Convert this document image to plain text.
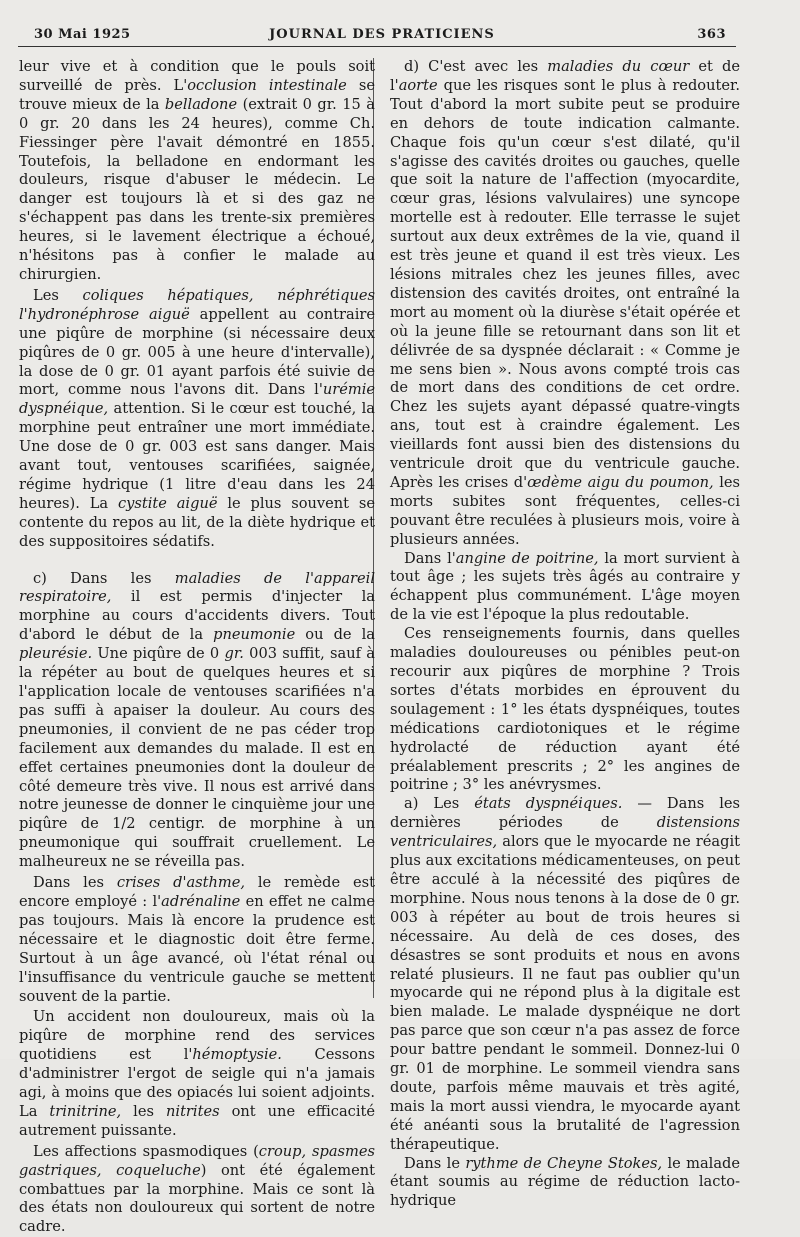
30 Mai 1925	JOURNAL DES PRATICIENS	363

leur vive et à condition que le pouls soit surveillé de près. L'occlusion intestinale se trouve mieux de la belladone (extrait 0 gr. 15 à 0 gr. 20 dans les 24 heures), comme Ch. Fiessinger père l'avait démontré en 1855. Toutefois, la belladone en endormant les douleurs, risque d'abuser le médecin. Le danger est toujours là et si des gaz ne s'échappent pas dans les trente-six premières heures, si le lavement électrique a échoué, n'hésitons pas à confier le malade au chirurgien.

Les coliques hépatiques, néphrétiques l'hydronéphrose aiguë appellent au contraire une piqûre de morphine (si nécessaire deux piqûres de 0 gr. 005 à une heure d'intervalle), la dose de 0 gr. 01 ayant parfois été suivie de mort, comme nous l'avons dit. Dans l'urémie dyspnéique, attention. Si le cœur est touché, la morphine peut entraîner une mort immédiate. Une dose de 0 gr. 003 est sans danger. Mais avant tout, ventouses scarifiées, saignée, régime hydrique (1 litre d'eau dans les 24 heures). La cystite aiguë le plus souvent se contente du repos au lit, de la diète hydrique et des suppositoires sédatifs.

c) Dans les maladies de l'appareil respiratoire, il est permis d'injecter la morphine au cours d'accidents divers. Tout d'abord le début de la pneumonie ou de la pleurésie. Une piqûre de 0 gr. 003 suffit, sauf à la répéter au bout de quelques heures et si l'application locale de ventouses scarifiées n'a pas suffi à apaiser la douleur. Au cours des pneumonies, il convient de ne pas céder trop facilement aux demandes du malade. Il est en effet certaines pneumonies dont la douleur de côté demeure très vive. Il nous est arrivé dans notre jeunesse de donner le cinquième jour une piqûre de 1/2 centigr. de morphine à un pneumonique qui souffrait cruellement. Le malheureux ne se réveilla pas.

Dans les crises d'asthme, le remède est encore employé : l'adrénaline en effet ne calme pas toujours. Mais là encore la prudence est nécessaire et le diagnostic doit être ferme. Surtout à un âge avancé, où l'état rénal ou l'insuffisance du ventricule gauche se mettent souvent de la partie.

Un accident non douloureux, mais où la piqûre de morphine rend des services quotidiens est l'hémoptysie. Cessons d'administrer l'ergot de seigle qui n'a jamais agi, à moins que des opiacés lui soient adjoints. La trinitrine, les nitrites ont une efficacité autrement puissante.

Les affections spasmodiques (croup, spasmes gastriques, coqueluche) ont été également combattues par la morphine. Mais ce sont là des états non douloureux qui sortent de notre cadre.

d) C'est avec les maladies du cœur et de l'aorte que les risques sont le plus à redouter. Tout d'abord la mort subite peut se produire en dehors de toute indication calmante. Chaque fois qu'un cœur s'est dilaté, qu'il s'agisse des cavités droites ou gauches, quelle que soit la nature de l'affection (myocardite, cœur gras, lésions valvulaires) une syncope mortelle est à redouter. Elle terrasse le sujet surtout aux deux extrêmes de la vie, quand il est très jeune et quand il est très vieux. Les lésions mitrales chez les jeunes filles, avec distension des cavités droites, ont entraîné la mort au moment où la diurèse s'était opérée et où la jeune fille se retournant dans son lit et délivrée de sa dyspnée déclarait : « Comme je me sens bien ». Nous avons compté trois cas de mort dans des conditions de cet ordre. Chez les sujets ayant dépassé quatre-vingts ans, tout est à craindre également. Les vieillards font aussi bien des distensions du ventricule droit que du ventricule gauche. Après les crises d'œdème aigu du poumon, les morts subites sont fréquentes, celles-ci pouvant être reculées à plusieurs mois, voire à plusieurs années.

Dans l'angine de poitrine, la mort survient à tout âge ; les sujets très âgés au contraire y échappent plus communément. L'âge moyen de la vie est l'époque la plus redoutable.

Ces renseignements fournis, dans quelles maladies douloureuses ou pénibles peut-on recourir aux piqûres de morphine ? Trois sortes d'états morbides en éprouvent du soulagement : 1° les états dyspnéiques, toutes médications cardiotoniques et le régime hydrolacté de réduction ayant été préalablement prescrits ; 2° les angines de poitrine ; 3° les anévrysmes.

a) Les états dyspnéiques. — Dans les dernières périodes de distensions ventriculaires, alors que le myocarde ne réagit plus aux excitations médicamenteuses, on peut être acculé à la nécessité des piqûres de morphine. Nous nous tenons à la dose de 0 gr. 003 à répéter au bout de trois heures si nécessaire. Au delà de ces doses, des désastres se sont produits et nous en avons relaté plusieurs. Il ne faut pas oublier qu'un myocarde qui ne répond plus à la digitale est bien malade. Le malade dyspnéique ne dort pas parce que son cœur n'a pas assez de force pour battre pendant le sommeil. Donnez-lui 0 gr. 01 de morphine. Le sommeil viendra sans doute, parfois même mauvais et très agité, mais la mort aussi viendra, le myocarde ayant été anéanti sous la brutalité de l'agression thérapeutique.

Dans le rythme de Cheyne Stokes, le malade étant soumis au régime de réduction lacto-hydrique
